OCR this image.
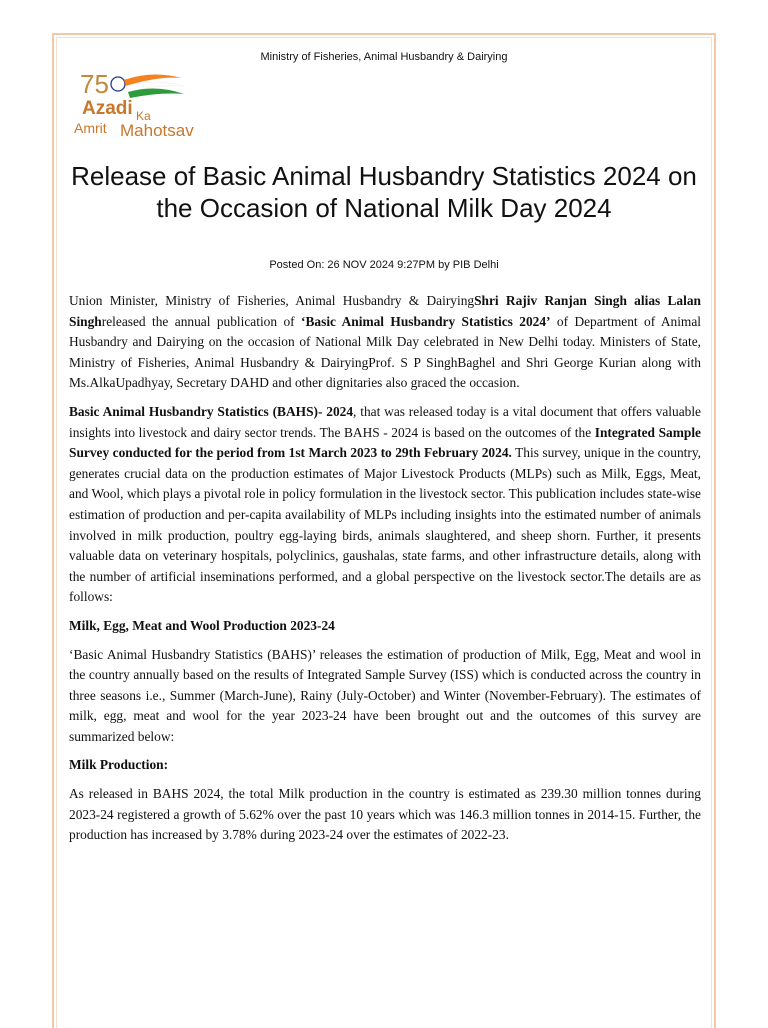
Ministry of Fisheries, Animal Husbandry & Dairying
75
Azadi Ka
Amrit Mahotsav
Release of Basic Animal Husbandry Statistics 2024 on the Occasion of National Milk Day 2024
Posted On: 26 NOV 2024 9:27PM by PIB Delhi

Union Minister, Ministry of Fisheries, Animal Husbandry & DairyingShri Rajiv Ranjan Singh alias Lalan Singhreleased the annual publication of ‘Basic Animal Husbandry Statistics 2024’ of Department of Animal Husbandry and Dairying on the occasion of National Milk Day celebrated in New Delhi today. Ministers of State, Ministry of Fisheries, Animal Husbandry & DairyingProf. S P SinghBaghel and Shri George Kurian along with Ms.AlkaUpadhyay, Secretary DAHD and other dignitaries also graced the occasion.

Basic Animal Husbandry Statistics (BAHS)- 2024, that was released today is a vital document that offers valuable insights into livestock and dairy sector trends. The BAHS - 2024 is based on the outcomes of the Integrated Sample Survey conducted for the period from 1st March 2023 to 29th February 2024. This survey, unique in the country, generates crucial data on the production estimates of Major Livestock Products (MLPs) such as Milk, Eggs, Meat, and Wool, which plays a pivotal role in policy formulation in the livestock sector. This publication includes state-wise estimation of production and per-capita availability of MLPs including insights into the estimated number of animals involved in milk production, poultry egg-laying birds, animals slaughtered, and sheep shorn. Further, it presents valuable data on veterinary hospitals, polyclinics, gaushalas, state farms, and other infrastructure details, along with the number of artificial inseminations performed, and a global perspective on the livestock sector.The details are as follows:

Milk, Egg, Meat and Wool Production 2023-24

‘Basic Animal Husbandry Statistics (BAHS)’ releases the estimation of production of Milk, Egg, Meat and wool in the country annually based on the results of Integrated Sample Survey (ISS) which is conducted across the country in three seasons i.e., Summer (March-June), Rainy (July-October) and Winter (November-February). The estimates of milk, egg, meat and wool for the year 2023-24 have been brought out and the outcomes of this survey are summarized below:

Milk Production:

As released in BAHS 2024, the total Milk production in the country is estimated as 239.30 million tonnes during 2023-24 registered a growth of 5.62% over the past 10 years which was 146.3 million tonnes in 2014-15. Further, the production has increased by 3.78% during 2023-24 over the estimates of 2022-23.
